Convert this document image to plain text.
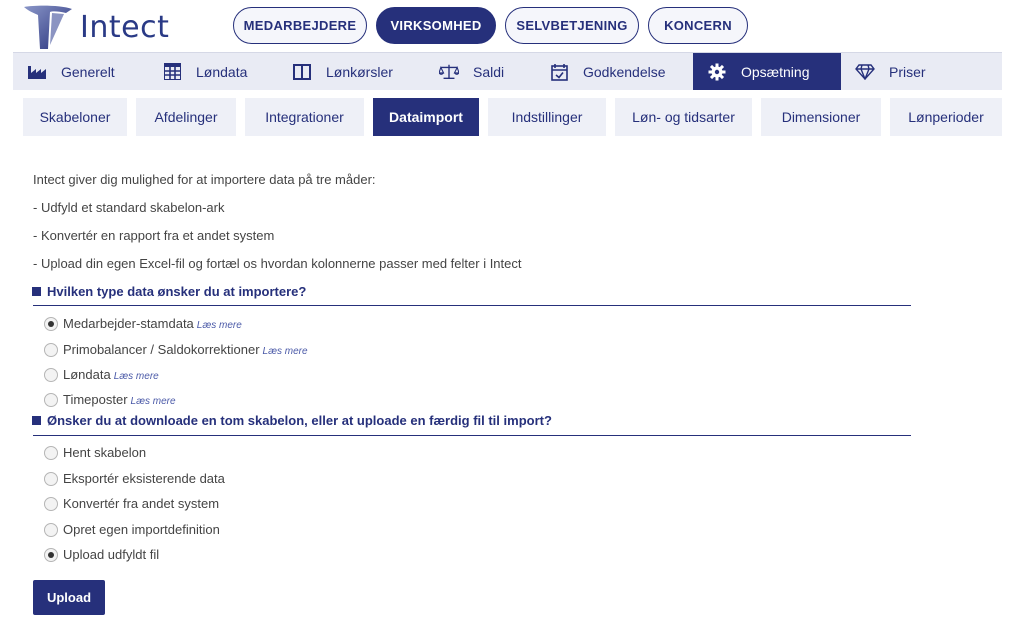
Intect	MEDARBEJDERE	VIRKSOMHED	SELVBETJENING	KONCERN
Generelt	Løndata	Lønkørsler	Saldi	Godkendelse	Opsætning	Priser
Skabeloner	Afdelinger	Integrationer	Dataimport	Indstillinger	Løn- og tidsarter	Dimensioner	Lønperioder
Intect giver dig mulighed for at importere data på tre måder:
- Udfyld et standard skabelon-ark
- Konvertér en rapport fra et andet system
- Upload din egen Excel-fil og fortæl os hvordan kolonnerne passer med felter i Intect
Hvilken type data ønsker du at importere?
Medarbejder-stamdata Læs mere
Primobalancer / Saldokorrektioner Læs mere
Løndata Læs mere
Timeposter Læs mere
Ønsker du at downloade en tom skabelon, eller at uploade en færdig fil til import?
Hent skabelon
Eksportér eksisterende data
Konvertér fra andet system
Opret egen importdefinition
Upload udfyldt fil
Upload
